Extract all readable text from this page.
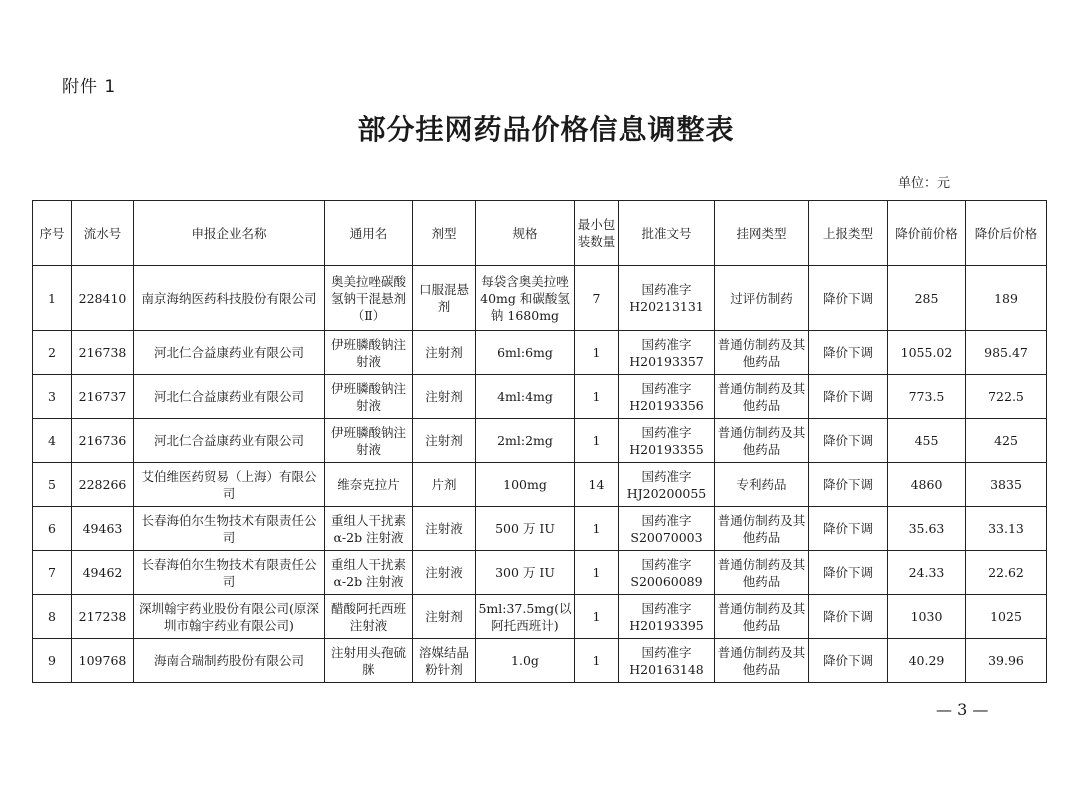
附件 1
部分挂网药品价格信息调整表
单位：元
序号	流水号	申报企业名称	通用名	剂型	规格	最小包装数量	批准文号	挂网类型	上报类型	降价前价格	降价后价格
1	228410	南京海纳医药科技股份有限公司	奥美拉唑碳酸氢钠干混悬剂（Ⅱ）	口服混悬剂	每袋含奥美拉唑40mg 和碳酸氢钠 1680mg	7	国药准字H20213131	过评仿制药	降价下调	285	189
2	216738	河北仁合益康药业有限公司	伊班膦酸钠注射液	注射剂	6ml:6mg	1	国药准字H20193357	普通仿制药及其他药品	降价下调	1055.02	985.47
3	216737	河北仁合益康药业有限公司	伊班膦酸钠注射液	注射剂	4ml:4mg	1	国药准字H20193356	普通仿制药及其他药品	降价下调	773.5	722.5
4	216736	河北仁合益康药业有限公司	伊班膦酸钠注射液	注射剂	2ml:2mg	1	国药准字H20193355	普通仿制药及其他药品	降价下调	455	425
5	228266	艾伯维医药贸易（上海）有限公司	维奈克拉片	片剂	100mg	14	国药准字HJ20200055	专利药品	降价下调	4860	3835
6	49463	长春海伯尔生物技术有限责任公司	重组人干扰素α-2b 注射液	注射液	500 万 IU	1	国药准字S20070003	普通仿制药及其他药品	降价下调	35.63	33.13
7	49462	长春海伯尔生物技术有限责任公司	重组人干扰素α-2b 注射液	注射液	300 万 IU	1	国药准字S20060089	普通仿制药及其他药品	降价下调	24.33	22.62
8	217238	深圳翰宇药业股份有限公司(原深圳市翰宇药业有限公司)	醋酸阿托西班注射液	注射剂	5ml:37.5mg(以阿托西班计)	1	国药准字H20193395	普通仿制药及其他药品	降价下调	1030	1025
9	109768	海南合瑞制药股份有限公司	注射用头孢硫脒	溶媒结晶粉针剂	1.0g	1	国药准字H20163148	普通仿制药及其他药品	降价下调	40.29	39.96
— 3 —
